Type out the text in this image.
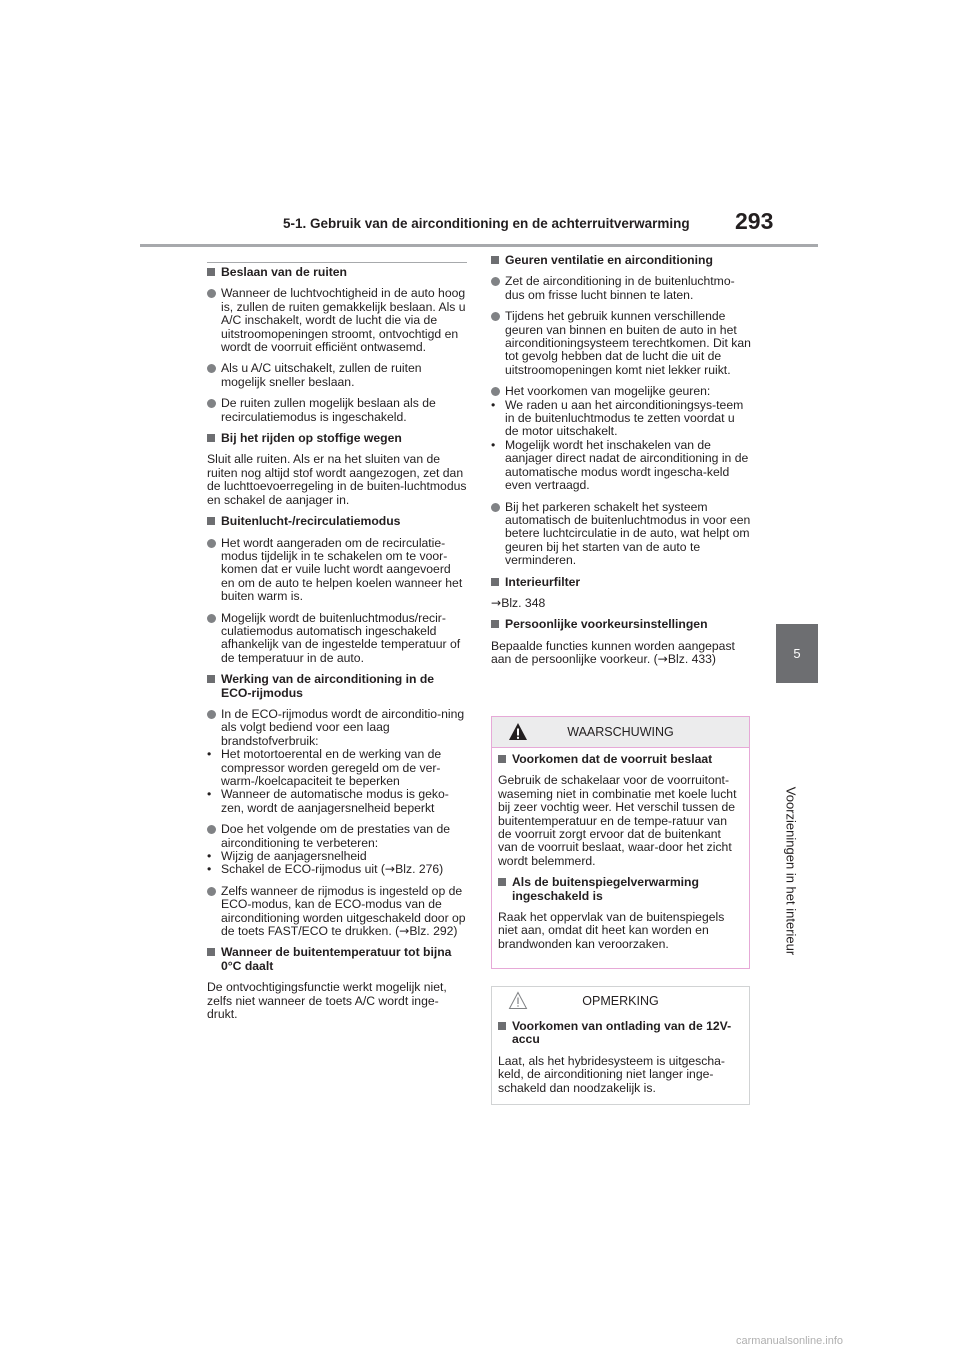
5-1. Gebruik van de airconditioning en de achterruitverwarming 293
5
Voorzieningen in het interieur
Beslaan van de ruiten
Wanneer de luchtvochtigheid in de auto hoog is, zullen de ruiten gemakkelijk beslaan. Als u A/C inschakelt, wordt de lucht die via de uitstroomopeningen stroomt, ontvochtigd en wordt de voorruit efficiënt ontwasemd.
Als u A/C uitschakelt, zullen de ruiten mogelijk sneller beslaan.
De ruiten zullen mogelijk beslaan als de recirculatiemodus is ingeschakeld.
Bij het rijden op stoffige wegen
Sluit alle ruiten. Als er na het sluiten van de ruiten nog altijd stof wordt aangezogen, zet dan de luchttoevoerregeling in de buiten-luchtmodus en schakel de aanjager in.
Buitenlucht-/recirculatiemodus
Het wordt aangeraden om de recirculatie-modus tijdelijk in te schakelen om te voor-komen dat er vuile lucht wordt aangevoerd en om de auto te helpen koelen wanneer het buiten warm is.
Mogelijk wordt de buitenluchtmodus/recir-culatiemodus automatisch ingeschakeld afhankelijk van de ingestelde temperatuur of de temperatuur in de auto.
Werking van de airconditioning in de ECO-rijmodus
In de ECO-rijmodus wordt de airconditio-ning als volgt bediend voor een laag brandstofverbruik:
• Het motortoerental en de werking van de compressor worden geregeld om de ver-warm-/koelcapaciteit te beperken
• Wanneer de automatische modus is geko-zen, wordt de aanjagersnelheid beperkt
Doe het volgende om de prestaties van de airconditioning te verbeteren:
• Wijzig de aanjagersnelheid
• Schakel de ECO-rijmodus uit (→Blz. 276)
Zelfs wanneer de rijmodus is ingesteld op de ECO-modus, kan de ECO-modus van de airconditioning worden uitgeschakeld door op de toets FAST/ECO te drukken. (→Blz. 292)
Wanneer de buitentemperatuur tot bijna 0°C daalt
De ontvochtigingsfunctie werkt mogelijk niet, zelfs niet wanneer de toets A/C wordt inge-drukt.
Geuren ventilatie en airconditioning
Zet de airconditioning in de buitenluchtmo-dus om frisse lucht binnen te laten.
Tijdens het gebruik kunnen verschillende geuren van binnen en buiten de auto in het airconditioningsysteem terechtkomen. Dit kan tot gevolg hebben dat de lucht die uit de uitstroomopeningen komt niet lekker ruikt.
Het voorkomen van mogelijke geuren:
• We raden u aan het airconditioningsys-teem in de buitenluchtmodus te zetten voordat u de motor uitschakelt.
• Mogelijk wordt het inschakelen van de aanjager direct nadat de airconditioning in de automatische modus wordt ingescha-keld even vertraagd.
Bij het parkeren schakelt het systeem automatisch de buitenluchtmodus in voor een betere luchtcirculatie in de auto, wat helpt om geuren bij het starten van de auto te verminderen.
Interieurfilter
→Blz. 348
Persoonlijke voorkeursinstellingen
Bepaalde functies kunnen worden aangepast aan de persoonlijke voorkeur. (→Blz. 433)
WAARSCHUWING
Voorkomen dat de voorruit beslaat
Gebruik de schakelaar voor de voorruitont-waseming niet in combinatie met koele lucht bij zeer vochtig weer. Het verschil tussen de buitentemperatuur en de tempe-ratuur van de voorruit zorgt ervoor dat de buitenkant van de voorruit beslaat, waar-door het zicht wordt belemmerd.
Als de buitenspiegelverwarming ingeschakeld is
Raak het oppervlak van de buitenspiegels niet aan, omdat dit heet kan worden en brandwonden kan veroorzaken.
OPMERKING
Voorkomen van ontlading van de 12V-accu
Laat, als het hybridesysteem is uitgescha-keld, de airconditioning niet langer inge-schakeld dan noodzakelijk is.
carmanualsonline.info
